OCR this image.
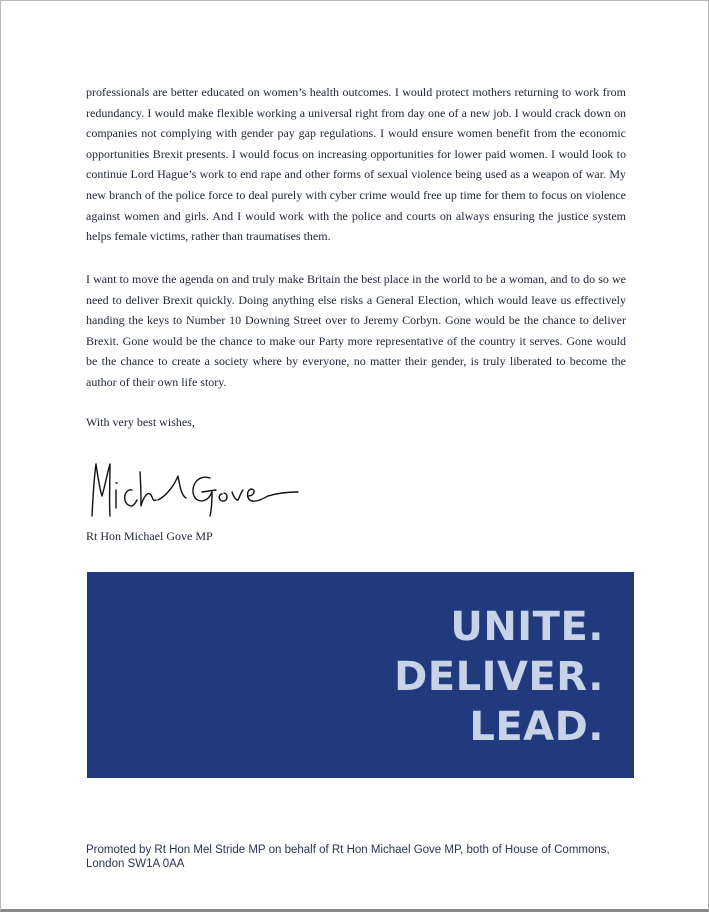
professionals are better educated on women’s health outcomes. I would protect mothers returning to work from redundancy. I would make flexible working a universal right from day one of a new job. I would crack down on companies not complying with gender pay gap regulations. I would ensure women benefit from the economic opportunities Brexit presents. I would focus on increasing opportunities for lower paid women. I would look to continue Lord Hague’s work to end rape and other forms of sexual violence being used as a weapon of war. My new branch of the police force to deal purely with cyber crime would free up time for them to focus on violence against women and girls. And I would work with the police and courts on always ensuring the justice system helps female victims, rather than traumatises them.

I want to move the agenda on and truly make Britain the best place in the world to be a woman, and to do so we need to deliver Brexit quickly. Doing anything else risks a General Election, which would leave us effectively handing the keys to Number 10 Downing Street over to Jeremy Corbyn. Gone would be the chance to deliver Brexit. Gone would be the chance to make our Party more representative of the country it serves. Gone would be the chance to create a society where by everyone, no matter their gender, is truly liberated to become the author of their own life story.

With very best wishes,

Rt Hon Michael Gove MP

UNITE.
DELIVER.
LEAD.

Promoted by Rt Hon Mel Stride MP on behalf of Rt Hon Michael Gove MP, both of House of Commons, London SW1A 0AA
